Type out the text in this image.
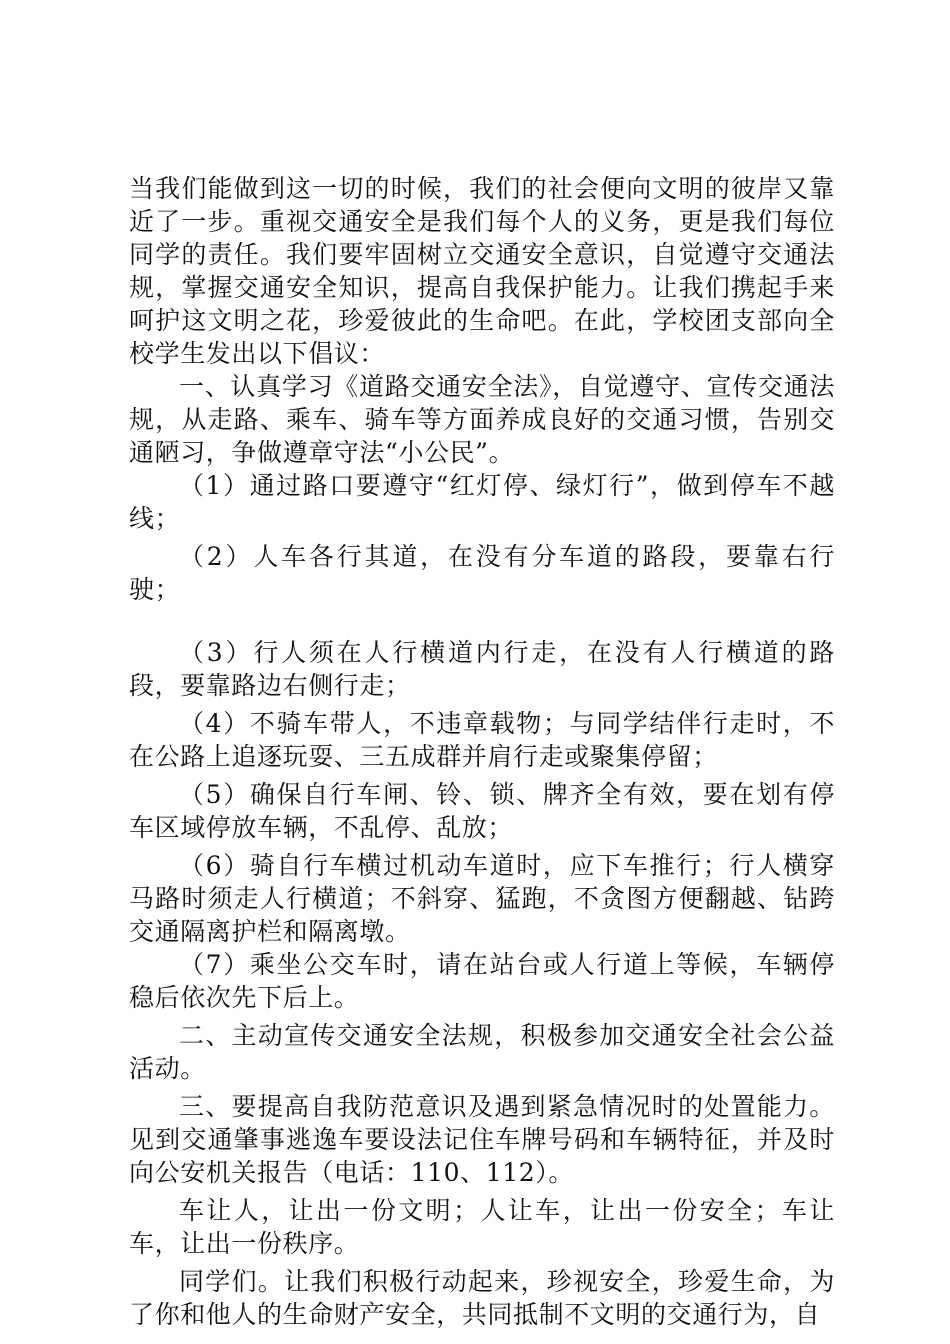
当我们能做到这一切的时候，我们的社会便向文明的彼岸又靠近了一步。重视交通安全是我们每个人的义务，更是我们每位同学的责任。我们要牢固树立交通安全意识，自觉遵守交通法规，掌握交通安全知识，提高自我保护能力。让我们携起手来呵护这文明之花，珍爱彼此的生命吧。在此，学校团支部向全校学生发出以下倡议：

一、认真学习《道路交通安全法》，自觉遵守、宣传交通法规，从走路、乘车、骑车等方面养成良好的交通习惯，告别交通陋习，争做遵章守法“小公民”。

（1）通过路口要遵守“红灯停、绿灯行”，做到停车不越线；

（2）人车各行其道，在没有分车道的路段，要靠右行驶；

（3）行人须在人行横道内行走，在没有人行横道的路段，要靠路边右侧行走；

（4）不骑车带人，不违章载物；与同学结伴行走时，不在公路上追逐玩耍、三五成群并肩行走或聚集停留；

（5）确保自行车闸、铃、锁、牌齐全有效，要在划有停车区域停放车辆，不乱停、乱放；

（6）骑自行车横过机动车道时，应下车推行；行人横穿马路时须走人行横道；不斜穿、猛跑，不贪图方便翻越、钻跨交通隔离护栏和隔离墩。

（7）乘坐公交车时，请在站台或人行道上等候，车辆停稳后依次先下后上。

二、主动宣传交通安全法规，积极参加交通安全社会公益活动。

三、要提高自我防范意识及遇到紧急情况时的处置能力。见到交通肇事逃逸车要设法记住车牌号码和车辆特征，并及时向公安机关报告（电话：110、112）。

车让人，让出一份文明；人让车，让出一份安全；车让车，让出一份秩序。

同学们。让我们积极行动起来，珍视安全，珍爱生命，为了你和他人的生命财产安全，共同抵制不文明的交通行为，自
